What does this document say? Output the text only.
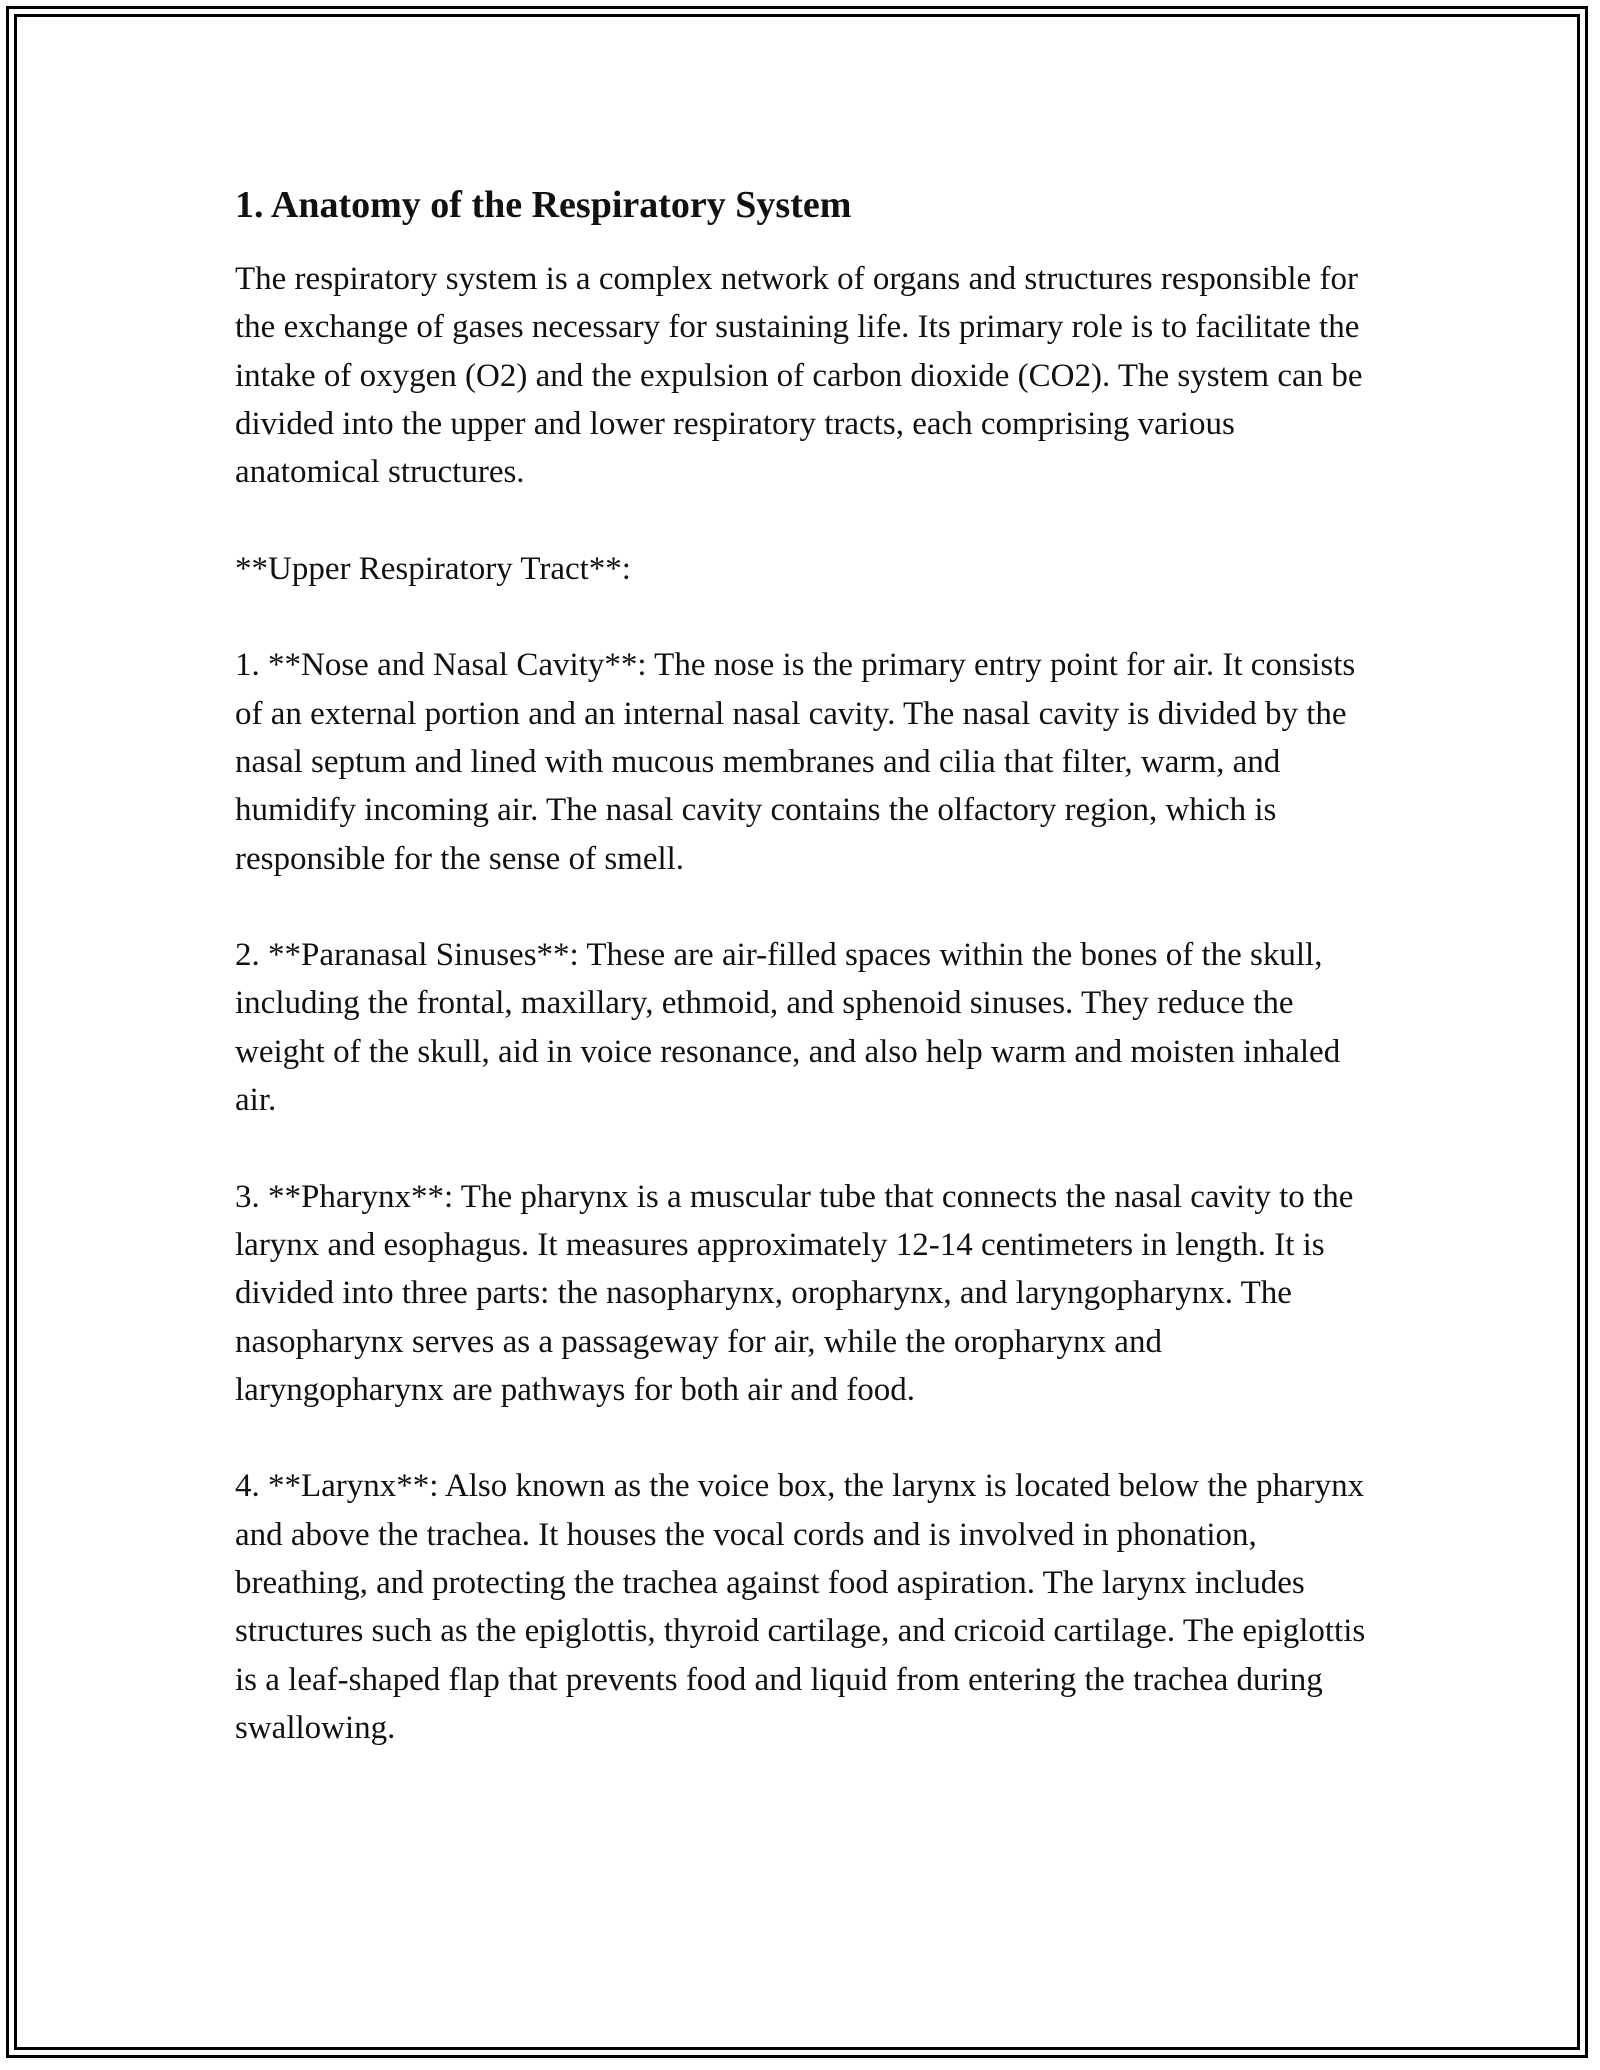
1. Anatomy of the Respiratory System

The respiratory system is a complex network of organs and structures responsible for the exchange of gases necessary for sustaining life. Its primary role is to facilitate the intake of oxygen (O2) and the expulsion of carbon dioxide (CO2). The system can be divided into the upper and lower respiratory tracts, each comprising various anatomical structures.

**Upper Respiratory Tract**:

1. **Nose and Nasal Cavity**: The nose is the primary entry point for air. It consists of an external portion and an internal nasal cavity. The nasal cavity is divided by the nasal septum and lined with mucous membranes and cilia that filter, warm, and humidify incoming air. The nasal cavity contains the olfactory region, which is responsible for the sense of smell.

2. **Paranasal Sinuses**: These are air-filled spaces within the bones of the skull, including the frontal, maxillary, ethmoid, and sphenoid sinuses. They reduce the weight of the skull, aid in voice resonance, and also help warm and moisten inhaled air.

3. **Pharynx**: The pharynx is a muscular tube that connects the nasal cavity to the larynx and esophagus. It measures approximately 12-14 centimeters in length. It is divided into three parts: the nasopharynx, oropharynx, and laryngopharynx. The nasopharynx serves as a passageway for air, while the oropharynx and laryngopharynx are pathways for both air and food.

4. **Larynx**: Also known as the voice box, the larynx is located below the pharynx and above the trachea. It houses the vocal cords and is involved in phonation, breathing, and protecting the trachea against food aspiration. The larynx includes structures such as the epiglottis, thyroid cartilage, and cricoid cartilage. The epiglottis is a leaf-shaped flap that prevents food and liquid from entering the trachea during swallowing.
